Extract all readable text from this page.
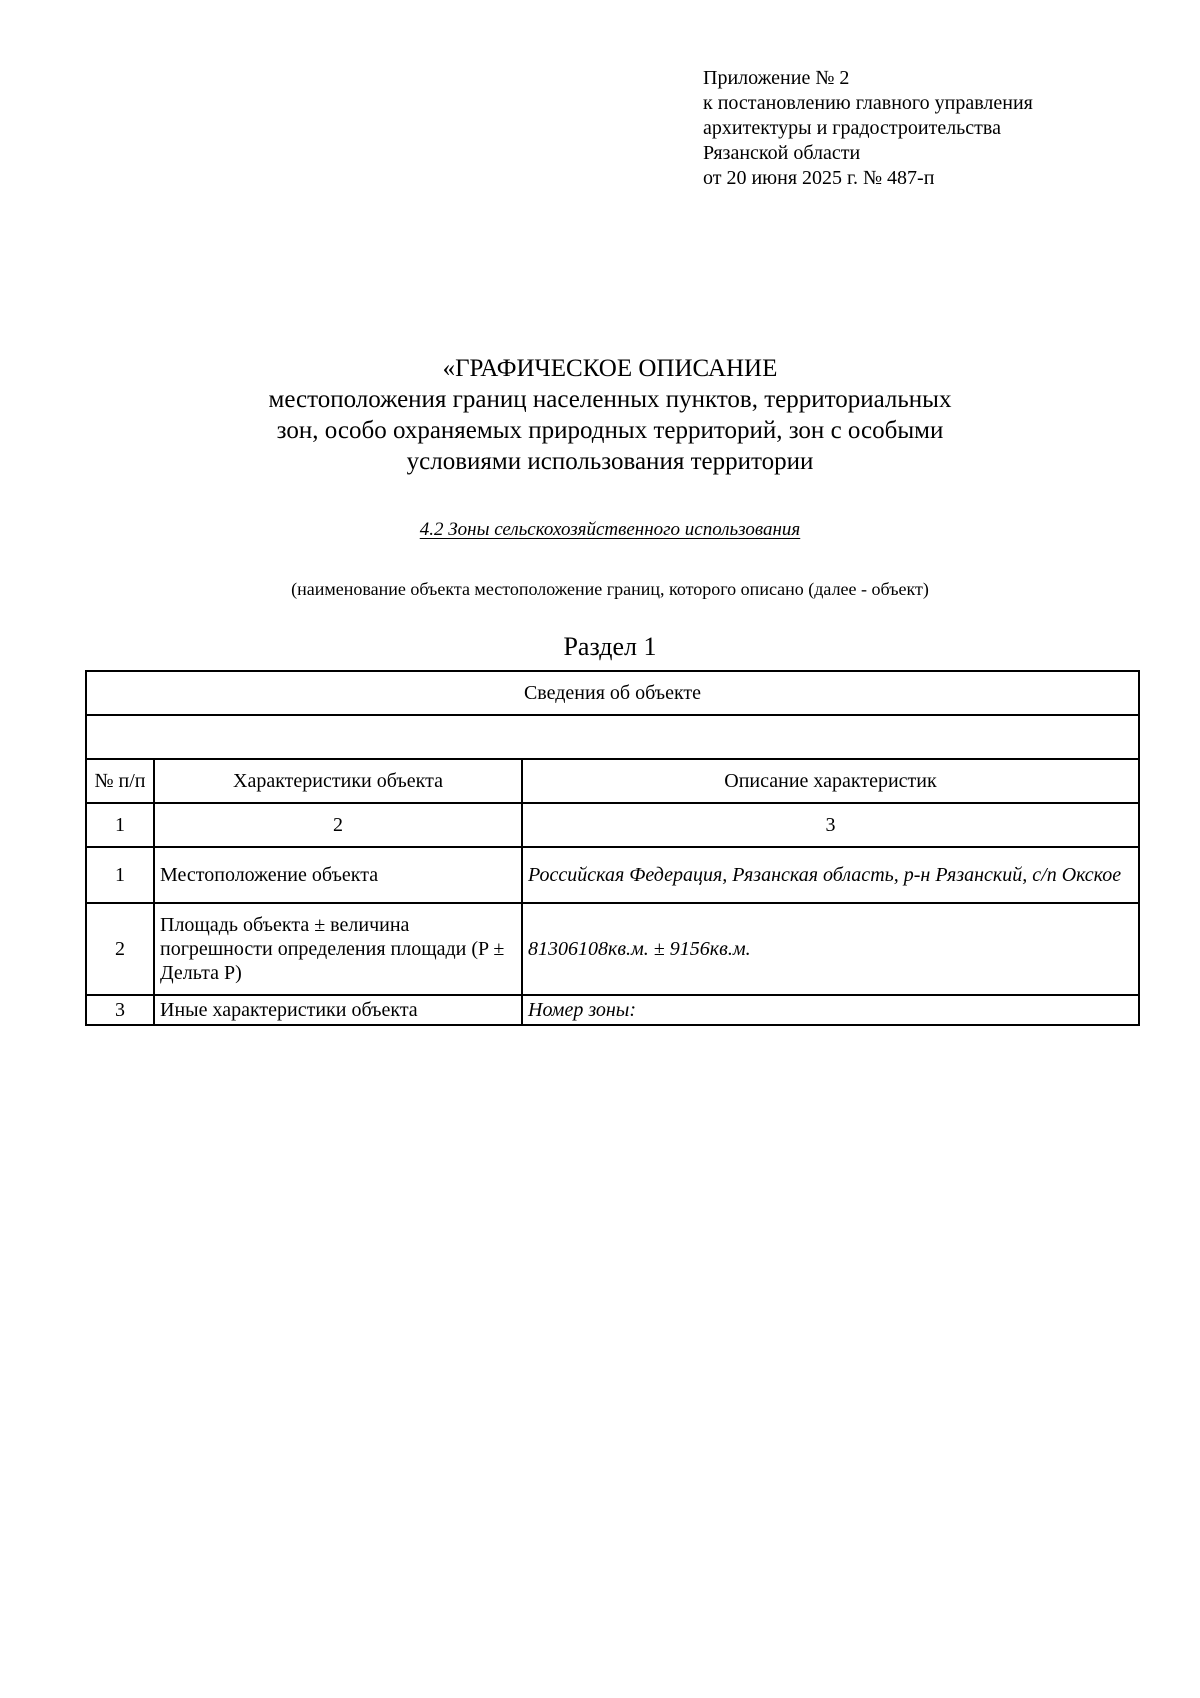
Приложение № 2
к постановлению главного управления
архитектуры и градостроительства
Рязанской области
от 20 июня 2025 г. № 487-п
«ГРАФИЧЕСКОЕ ОПИСАНИЕ
местоположения границ населенных пунктов, территориальных
зон, особо охраняемых природных территорий, зон с особыми
условиями использования территории
4.2 Зоны сельскохозяйственного использования
(наименование объекта местоположение границ, которого описано (далее - объект)
Раздел 1
Сведения об объекте		

№ п/п	Характеристики объекта	Описание характеристик
1	2	3
1	Местоположение объекта	Российская Федерация, Рязанская область, р-н Рязанский, с/п Окское
2	Площадь объекта ± величина погрешности определения площади (P ± Дельта P)	81306108кв.м. ± 9156кв.м.
3	Иные характеристики объекта	Номер зоны:
